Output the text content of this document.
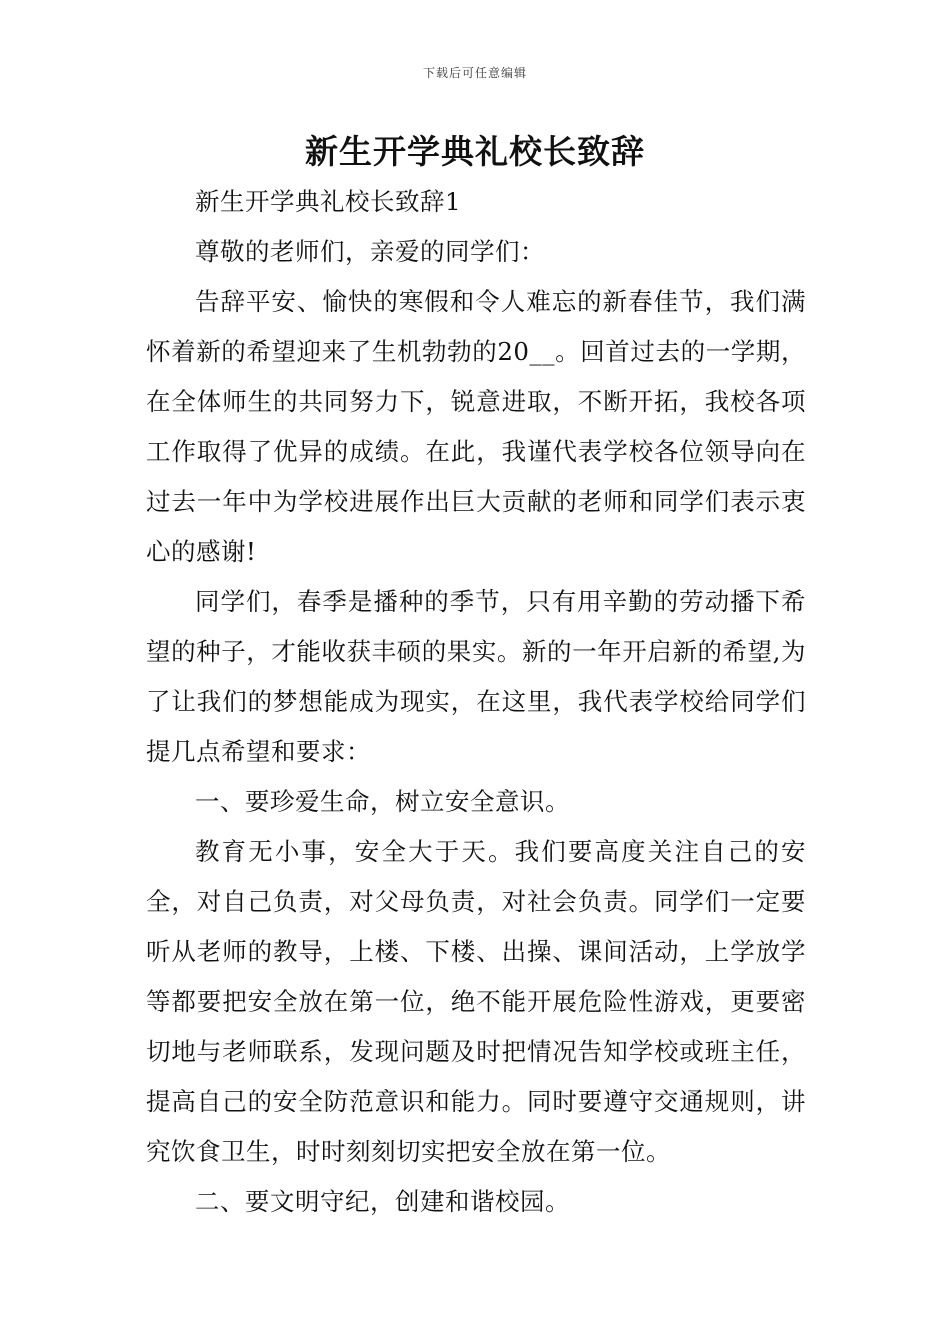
下载后可任意编辑
新生开学典礼校长致辞

新生开学典礼校长致辞1

尊敬的老师们，亲爱的同学们：

告辞平安、愉快的寒假和令人难忘的新春佳节，我们满怀着新的希望迎来了生机勃勃的20__。回首过去的一学期，在全体师生的共同努力下，锐意进取，不断开拓，我校各项工作取得了优异的成绩。在此，我谨代表学校各位领导向在过去一年中为学校进展作出巨大贡献的老师和同学们表示衷心的感谢!

同学们，春季是播种的季节，只有用辛勤的劳动播下希望的种子，才能收获丰硕的果实。新的一年开启新的希望,为了让我们的梦想能成为现实，在这里，我代表学校给同学们提几点希望和要求：

一、要珍爱生命，树立安全意识。

教育无小事，安全大于天。我们要高度关注自己的安全，对自己负责，对父母负责，对社会负责。同学们一定要听从老师的教导，上楼、下楼、出操、课间活动，上学放学等都要把安全放在第一位，绝不能开展危险性游戏，更要密切地与老师联系，发现问题及时把情况告知学校或班主任，提高自己的安全防范意识和能力。同时要遵守交通规则，讲究饮食卫生，时时刻刻切实把安全放在第一位。

二、要文明守纪，创建和谐校园。
